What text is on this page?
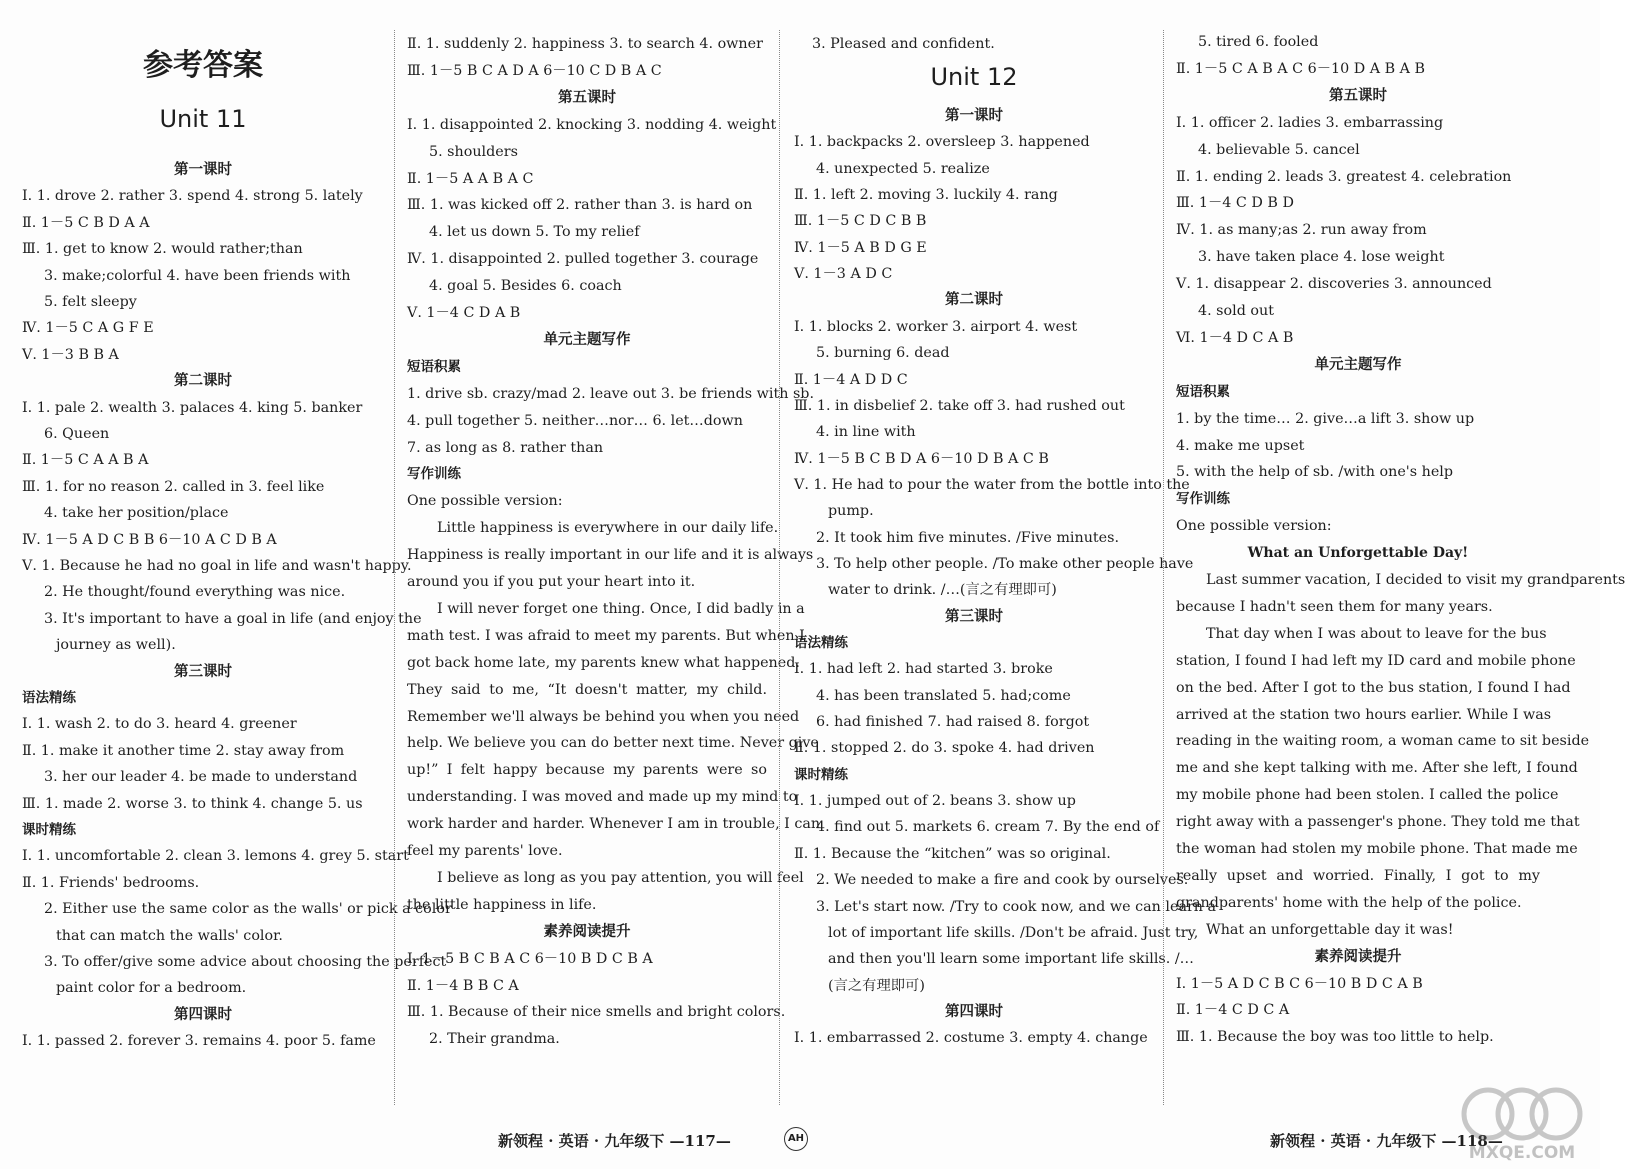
参考答案
Unit 11
第一课时
Ⅰ. 1. drove 2. rather 3. spend 4. strong 5. lately
Ⅱ. 1－5 C B D A A
Ⅲ. 1. get to know 2. would rather;than
3. make;colorful 4. have been friends with
5. felt sleepy
Ⅳ. 1－5 C A G F E
Ⅴ. 1－3 B B A
第二课时
Ⅰ. 1. pale 2. wealth 3. palaces 4. king 5. banker
6. Queen
Ⅱ. 1－5 C A A B A
Ⅲ. 1. for no reason 2. called in 3. feel like
4. take her position/place
Ⅳ. 1－5 A D C B B 6－10 A C D B A
Ⅴ. 1. Because he had no goal in life and wasn't happy.
2. He thought/found everything was nice.
3. It's important to have a goal in life (and enjoy the
journey as well).
第三课时
语法精练
Ⅰ. 1. wash 2. to do 3. heard 4. greener
Ⅱ. 1. make it another time 2. stay away from
3. her our leader 4. be made to understand
Ⅲ. 1. made 2. worse 3. to think 4. change 5. us
课时精练
Ⅰ. 1. uncomfortable 2. clean 3. lemons 4. grey 5. start
Ⅱ. 1. Friends' bedrooms.
2. Either use the same color as the walls' or pick a color
that can match the walls' color.
3. To offer/give some advice about choosing the perfect
paint color for a bedroom.
第四课时
Ⅰ. 1. passed 2. forever 3. remains 4. poor 5. fame
Ⅱ. 1. suddenly 2. happiness 3. to search 4. owner
Ⅲ. 1－5 B C A D A 6－10 C D B A C
第五课时
Ⅰ. 1. disappointed 2. knocking 3. nodding 4. weight
5. shoulders
Ⅱ. 1－5 A A B A C
Ⅲ. 1. was kicked off 2. rather than 3. is hard on
4. let us down 5. To my relief
Ⅳ. 1. disappointed 2. pulled together 3. courage
4. goal 5. Besides 6. coach
Ⅴ. 1－4 C D A B
单元主题写作
短语积累
1. drive sb. crazy/mad 2. leave out 3. be friends with sb.
4. pull together 5. neither…nor… 6. let…down
7. as long as 8. rather than
写作训练
One possible version:
Little happiness is everywhere in our daily life.
Happiness is really important in our life and it is always
around you if you put your heart into it.
I will never forget one thing. Once, I did badly in a
math test. I was afraid to meet my parents. But when I
got back home late, my parents knew what happened.
They said to me, “It doesn't matter, my child.
Remember we'll always be behind you when you need
help. We believe you can do better next time. Never give
up!” I felt happy because my parents were so
understanding. I was moved and made up my mind to
work harder and harder. Whenever I am in trouble, I can
feel my parents' love.
I believe as long as you pay attention, you will feel
the little happiness in life.
素养阅读提升
Ⅰ. 1－5 B C B A C 6－10 B D C B A
Ⅱ. 1－4 B B C A
Ⅲ. 1. Because of their nice smells and bright colors.
2. Their grandma.
3. Pleased and confident.
Unit 12
第一课时
Ⅰ. 1. backpacks 2. oversleep 3. happened
4. unexpected 5. realize
Ⅱ. 1. left 2. moving 3. luckily 4. rang
Ⅲ. 1－5 C D C B B
Ⅳ. 1－5 A B D G E
Ⅴ. 1－3 A D C
第二课时
Ⅰ. 1. blocks 2. worker 3. airport 4. west
5. burning 6. dead
Ⅱ. 1－4 A D D C
Ⅲ. 1. in disbelief 2. take off 3. had rushed out
4. in line with
Ⅳ. 1－5 B C B D A 6－10 D B A C B
Ⅴ. 1. He had to pour the water from the bottle into the
pump.
2. It took him five minutes. /Five minutes.
3. To help other people. /To make other people have
water to drink. /…(言之有理即可)
第三课时
语法精练
Ⅰ. 1. had left 2. had started 3. broke
4. has been translated 5. had;come
6. had finished 7. had raised 8. forgot
Ⅱ. 1. stopped 2. do 3. spoke 4. had driven
课时精练
Ⅰ. 1. jumped out of 2. beans 3. show up
4. find out 5. markets 6. cream 7. By the end of
Ⅱ. 1. Because the “kitchen” was so original.
2. We needed to make a fire and cook by ourselves.
3. Let's start now. /Try to cook now, and we can learn a
lot of important life skills. /Don't be afraid. Just try,
and then you'll learn some important life skills. /…
(言之有理即可)
第四课时
Ⅰ. 1. embarrassed 2. costume 3. empty 4. change
5. tired 6. fooled
Ⅱ. 1－5 C A B A C 6－10 D A B A B
第五课时
Ⅰ. 1. officer 2. ladies 3. embarrassing
4. believable 5. cancel
Ⅱ. 1. ending 2. leads 3. greatest 4. celebration
Ⅲ. 1－4 C D B D
Ⅳ. 1. as many;as 2. run away from
3. have taken place 4. lose weight
Ⅴ. 1. disappear 2. discoveries 3. announced
4. sold out
Ⅵ. 1－4 D C A B
单元主题写作
短语积累
1. by the time… 2. give…a lift 3. show up
4. make me upset
5. with the help of sb. /with one's help
写作训练
One possible version:
What an Unforgettable Day!
Last summer vacation, I decided to visit my grandparents
because I hadn't seen them for many years.
That day when I was about to leave for the bus
station, I found I had left my ID card and mobile phone
on the bed. After I got to the bus station, I found I had
arrived at the station two hours earlier. While I was
reading in the waiting room, a woman came to sit beside
me and she kept talking with me. After she left, I found
my mobile phone had been stolen. I called the police
right away with a passenger's phone. They told me that
the woman had stolen my mobile phone. That made me
really upset and worried. Finally, I got to my
grandparents' home with the help of the police.
What an unforgettable day it was!
素养阅读提升
Ⅰ. 1－5 A D C B C 6－10 B D C A B
Ⅱ. 1－4 C D C A
Ⅲ. 1. Because the boy was too little to help.
新领程 · 英语 · 九年级下 —117—	AH	新领程 · 英语 · 九年级下 —118—
MXQE.COM
